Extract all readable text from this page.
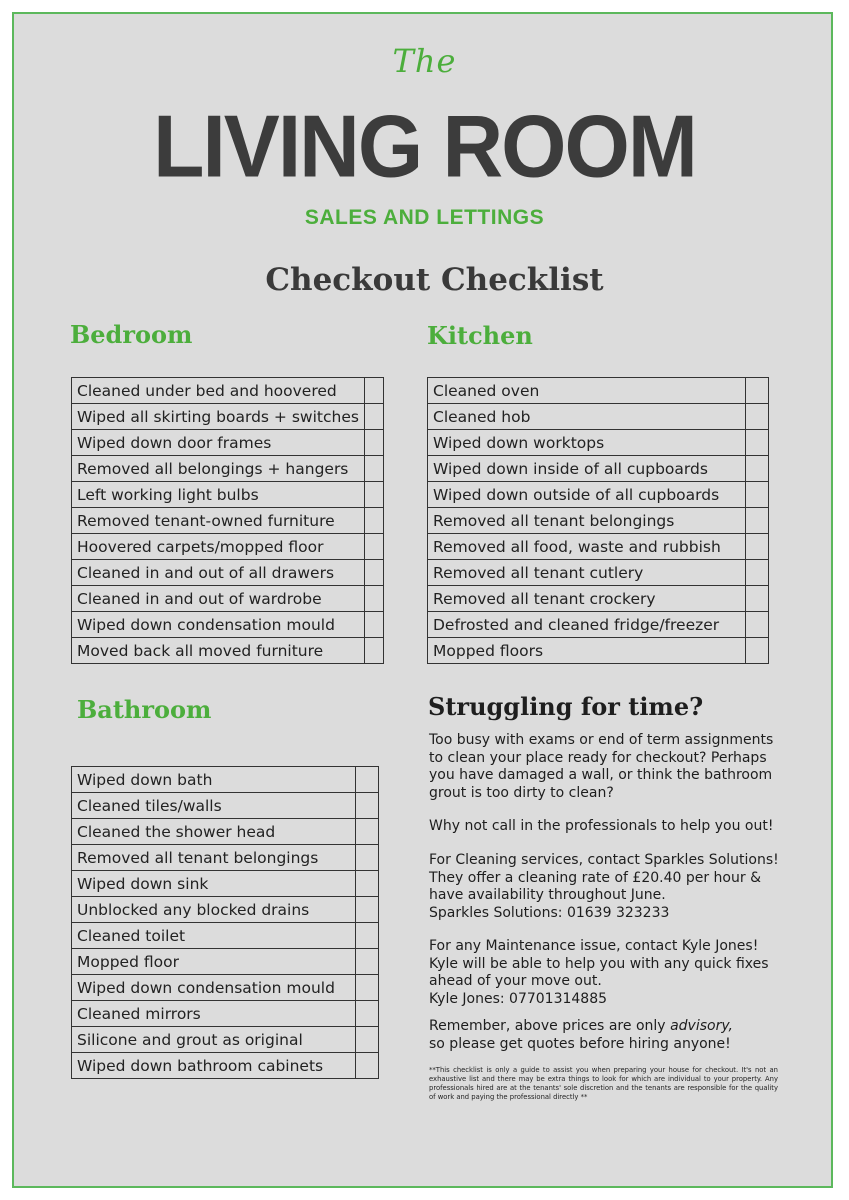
The
LIVING ROOM
SALES AND LETTINGS
Checkout Checklist
Bedroom	Kitchen
Bathroom
Cleaned under bed and hoovered	
Wiped all skirting boards + switches	
Wiped down door frames	
Removed all belongings + hangers	
Left working light bulbs	
Removed tenant-owned furniture	
Hoovered carpets/mopped floor	
Cleaned in and out of all drawers	
Cleaned in and out of wardrobe	
Wiped down condensation mould	
Moved back all moved furniture	
Cleaned oven	
Cleaned hob	
Wiped down worktops	
Wiped down inside of all cupboards	
Wiped down outside of all cupboards	
Removed all tenant belongings	
Removed all food, waste and rubbish	
Removed all tenant cutlery	
Removed all tenant crockery	
Defrosted and cleaned fridge/freezer	
Mopped floors	
Wiped down bath	
Cleaned tiles/walls	
Cleaned the shower head	
Removed all tenant belongings	
Wiped down sink	
Unblocked any blocked drains	
Cleaned toilet	
Mopped floor	
Wiped down condensation mould	
Cleaned mirrors	
Silicone and grout as original	
Wiped down bathroom cabinets	
Struggling for time?

Too busy with exams or end of term assignments to clean your place ready for checkout? Perhaps you have damaged a wall, or think the bathroom grout is too dirty to clean?

Why not call in the professionals to help you out!

For Cleaning services, contact Sparkles Solutions!

They offer a cleaning rate of £20.40 per hour & have availability throughout June.

Sparkles Solutions: 01639 323233

For any Maintenance issue, contact Kyle Jones!

Kyle will be able to help you with any quick fixes ahead of your move out.

Kyle Jones: 07701314885

Remember, above prices are only advisory, so please get quotes before hiring anyone!

**This checklist is only a guide to assist you when preparing your house for checkout. It's not an exhaustive list and there may be extra things to look for which are individual to your property. Any professionals hired are at the tenants' sole discretion and the tenants are responsible for the quality of work and paying the professional directly **
